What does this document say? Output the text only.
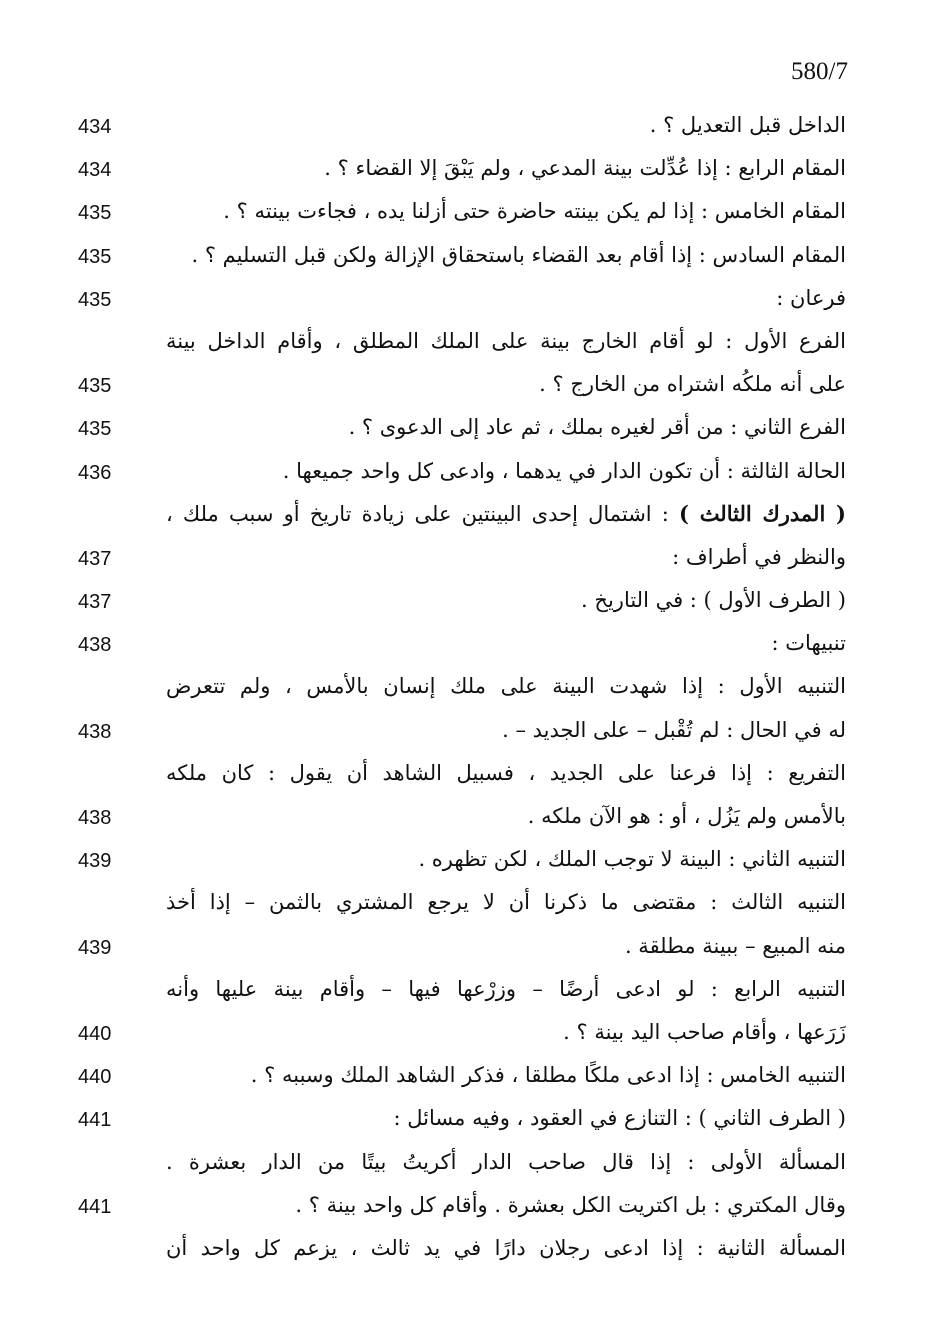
580/7
الداخل قبل التعديل ؟ .
434
المقام الرابع : إذا عُدِّلت بينة المدعي ، ولم يَبْقَ إلا القضاء ؟ .
434
المقام الخامس : إذا لم يكن بينته حاضرة حتى أزلنا يده ، فجاءت بينته ؟ .
435
المقام السادس : إذا أقام بعد القضاء باستحقاق الإزالة ولكن قبل التسليم ؟ .
435
فرعان :
435
الفرع الأول : لو أقام الخارج بينة على الملك المطلق ، وأقام الداخل بينة
على أنه ملكُه اشتراه من الخارج ؟ .
435
الفرع الثاني : من أقر لغيره بملك ، ثم عاد إلى الدعوى ؟ .
435
الحالة الثالثة : أن تكون الدار في يدهما ، وادعى كل واحد جميعها .
436
( المدرك الثالث ) : اشتمال إحدى البينتين على زيادة تاريخ أو سبب ملك ،
والنظر في أطراف :
437
( الطرف الأول ) : في التاريخ .
437
تنبيهات :
438
التنبيه الأول : إذا شهدت البينة على ملك إنسان بالأمس ، ولم تتعرض
له في الحال : لم تُقْبل – على الجديد – .
438
التفريع : إذا فرعنا على الجديد ، فسبيل الشاهد أن يقول : كان ملكه
بالأمس ولم يَزُل ، أو : هو الآن ملكه .
438
التنبيه الثاني : البينة لا توجب الملك ، لكن تظهره .
439
التنبيه الثالث : مقتضى ما ذكرنا أن لا يرجع المشتري بالثمن – إذا أخذ
منه المبيع – ببينة مطلقة .
439
التنبيه الرابع : لو ادعى أرضًا – وزرْعها فيها – وأقام بينة عليها وأنه
زَرَعها ، وأقام صاحب اليد بينة ؟ .
440
التنبيه الخامس : إذا ادعى ملكًا مطلقا ، فذكر الشاهد الملك وسببه ؟ .
440
( الطرف الثاني ) : التنازع في العقود ، وفيه مسائل :
441
المسألة الأولى : إذا قال صاحب الدار أكريتُ بيتًا من الدار بعشرة .
وقال المكتري : بل اكتريت الكل بعشرة . وأقام كل واحد بينة ؟ .
441
المسألة الثانية : إذا ادعى رجلان دارًا في يد ثالث ، يزعم كل واحد أن
